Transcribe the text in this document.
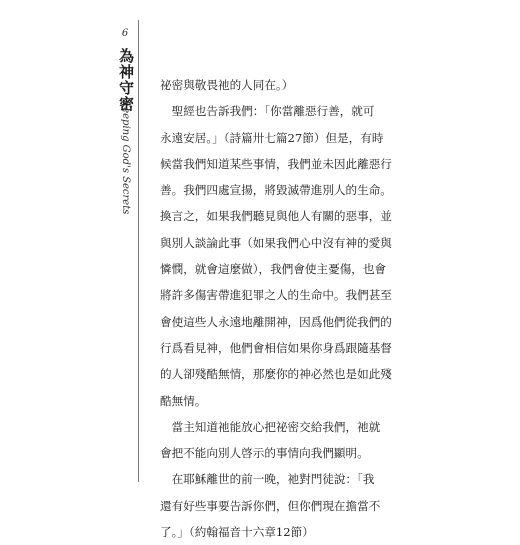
6
為神守密
Keeping God's Secrets
祕密與敬畏祂的人同在。）
　聖經也告訴我們：「你當離惡行善，就可
永遠安居。」（詩篇卅七篇27節）但是，有時
候當我們知道某些事情，我們並未因此離惡行
善。我們四處宣揚，將毀滅帶進別人的生命。
換言之，如果我們聽見與他人有關的惡事，並
與別人談論此事（如果我們心中沒有神的愛與
憐憫，就會這麼做），我們會使主憂傷，也會
將許多傷害帶進犯罪之人的生命中。我們甚至
會使這些人永遠地離開神，因爲他們從我們的
行爲看見神，他們會相信如果你身爲跟隨基督
的人卻殘酷無情，那麼你的神必然也是如此殘
酷無情。
　當主知道祂能放心把祕密交給我們，祂就
會把不能向別人啓示的事情向我們顯明。
　在耶穌離世的前一晚，祂對門徒說：「我
還有好些事要告訴你們，但你們現在擔當不
了。」（約翰福音十六章12節）
